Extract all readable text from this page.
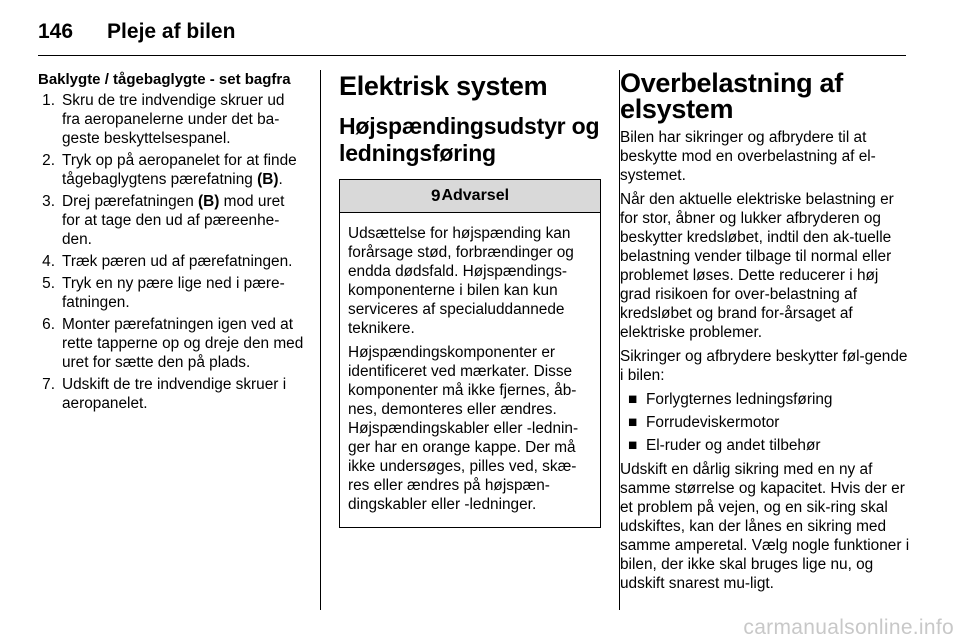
146 Pleje af bilen
Baklygte / tågebaglygte - set bagfra
1. Skru de tre indvendige skruer ud fra aeropanelerne under det ba-geste beskyttelsespanel.
2. Tryk op på aeropanelet for at finde tågebaglygtens pærefatning (B).
3. Drej pærefatningen (B) mod uret for at tage den ud af pæreenhe-den.
4. Træk pæren ud af pærefatningen.
5. Tryk en ny pære lige ned i pære-fatningen.
6. Monter pærefatningen igen ved at rette tapperne op og dreje den med uret for sætte den på plads.
7. Udskift de tre indvendige skruer i aeropanelet.
Elektrisk system
Højspændingsudstyr og ledningsføring
9 Advarsel

Udsættelse for højspænding kan forårsage stød, forbrændinger og endda dødsfald. Højspændings-komponenterne i bilen kan kun serviceres af specialuddannede teknikere.

Højspændingskomponenter er identificeret ved mærkater. Disse komponenter må ikke fjernes, åb-nes, demonteres eller ændres. Højspændingskabler eller -lednin-ger har en orange kappe. Der må ikke undersøges, pilles ved, skæ-res eller ændres på højspæn-dingskabler eller -ledninger.

Overbelastning af elsystem

Bilen har sikringer og afbrydere til at beskytte mod en overbelastning af el-systemet.

Når den aktuelle elektriske belastning er for stor, åbner og lukker afbryderen og beskytter kredsløbet, indtil den ak-tuelle belastning vender tilbage til normal eller problemet løses. Dette reducerer i høj grad risikoen for over-belastning af kredsløbet og brand for-årsaget af elektriske problemer.

Sikringer og afbrydere beskytter føl-gende i bilen:

■ Forlygternes ledningsføring
■ Forrudeviskermotor
■ El-ruder og andet tilbehør

Udskift en dårlig sikring med en ny af samme størrelse og kapacitet. Hvis der er et problem på vejen, og en sik-ring skal udskiftes, kan der lånes en sikring med samme amperetal. Vælg nogle funktioner i bilen, der ikke skal bruges lige nu, og udskift snarest mu-ligt.

carmanualsonline.info
